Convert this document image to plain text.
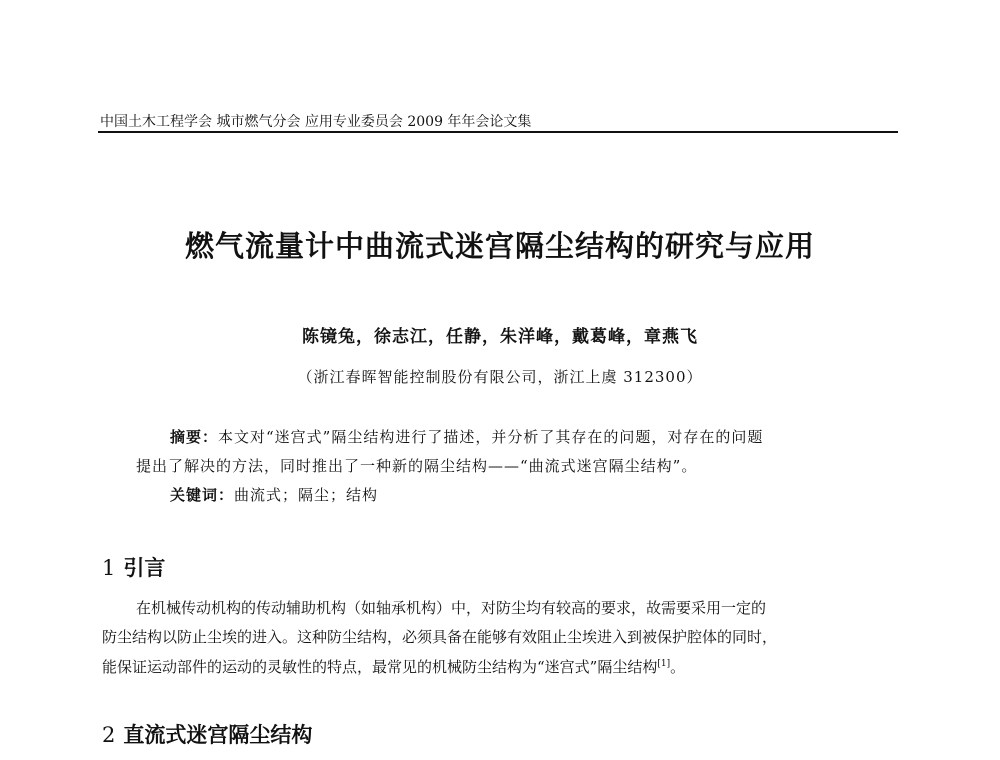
中国土木工程学会 城市燃气分会 应用专业委员会 2009 年年会论文集
燃气流量计中曲流式迷宫隔尘结构的研究与应用
陈镜兔，徐志江，任静，朱洋峰，戴葛峰，章燕飞
（浙江春晖智能控制股份有限公司，浙江上虞 312300）
摘要：本文对“迷宫式”隔尘结构进行了描述，并分析了其存在的问题，对存在的问题
提出了解决的方法，同时推出了一种新的隔尘结构——“曲流式迷宫隔尘结构”。
关键词：曲流式；隔尘；结构
1 引言
在机械传动机构的传动辅助机构（如轴承机构）中，对防尘均有较高的要求，故需要采用一定的
防尘结构以防止尘埃的进入。这种防尘结构，必须具备在能够有效阻止尘埃进入到被保护腔体的同时，
能保证运动部件的运动的灵敏性的特点，最常见的机械防尘结构为“迷宫式”隔尘结构[1]。
2 直流式迷宫隔尘结构
